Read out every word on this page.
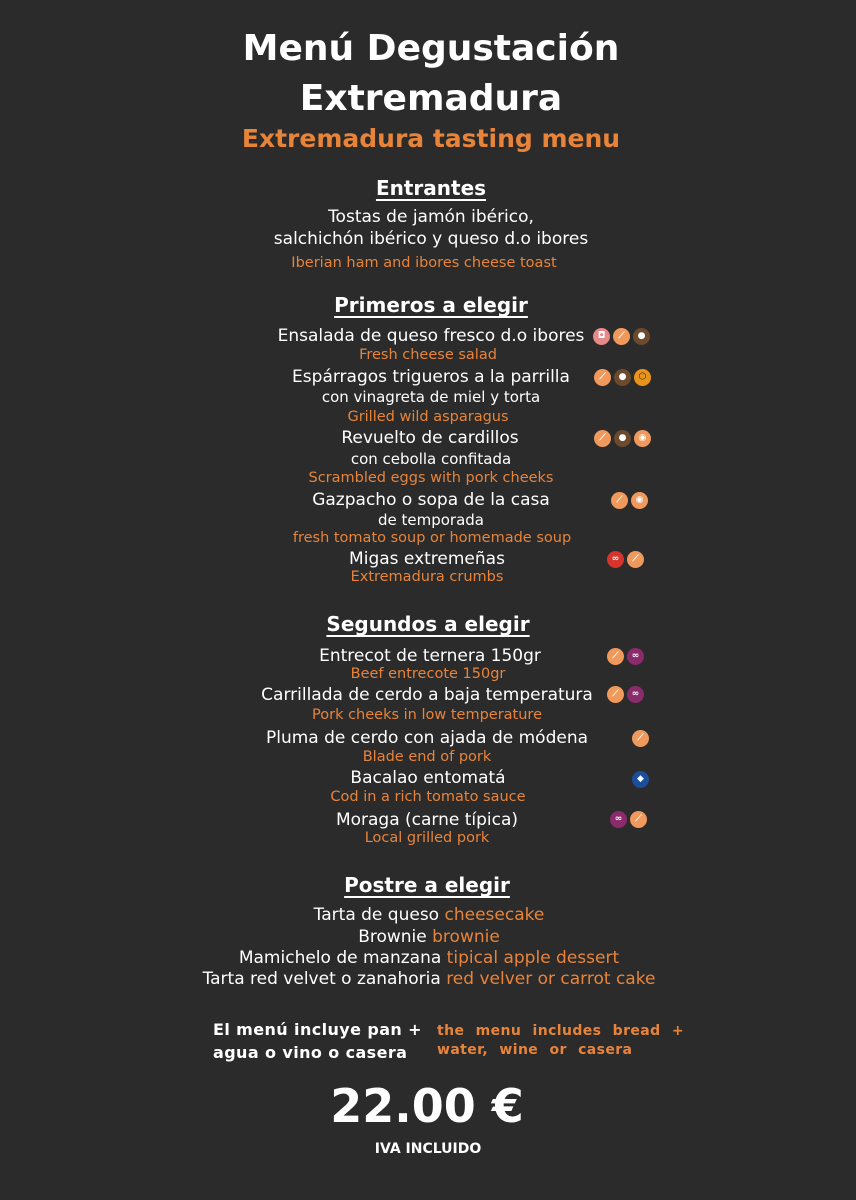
Menú Degustación
Extremadura
Extremadura tasting menu
Entrantes
Tostas de jamón ibérico,
salchichón ibérico y queso d.o ibores
Iberian ham and ibores cheese toast
Primeros a elegir
Ensalada de queso fresco d.o ibores	◘	⟋	●
Fresh cheese salad
Espárragos trigueros a la parrilla	⟋	●	⬡
con vinagreta de miel y torta
Grilled wild asparagus
Revuelto de cardillos	⟋	●	◉
con cebolla confitada
Scrambled eggs with pork cheeks
Gazpacho o sopa de la casa	⟋	◉
de temporada
fresh tomato soup or homemade soup
Migas extremeñas	∞	⟋
Extremadura crumbs
Segundos a elegir
Entrecot de ternera 150gr	⟋	∞
Beef entrecote 150gr
Carrillada de cerdo a baja temperatura	⟋	∞
Pork cheeks in low temperature
Pluma de cerdo con ajada de módena	⟋
Blade end of pork
Bacalao entomatá	◆
Cod in a rich tomato sauce
Moraga (carne típica)	∞	⟋
Local grilled pork
Postre a elegir
Tarta de queso cheesecake
Brownie brownie
Mamichelo de manzana tipical apple dessert
Tarta red velvet o zanahoria red velver or carrot cake
El menú incluye pan +
agua o vino o casera
the menu includes bread +
water, wine or casera
22.00 €
IVA INCLUIDO
